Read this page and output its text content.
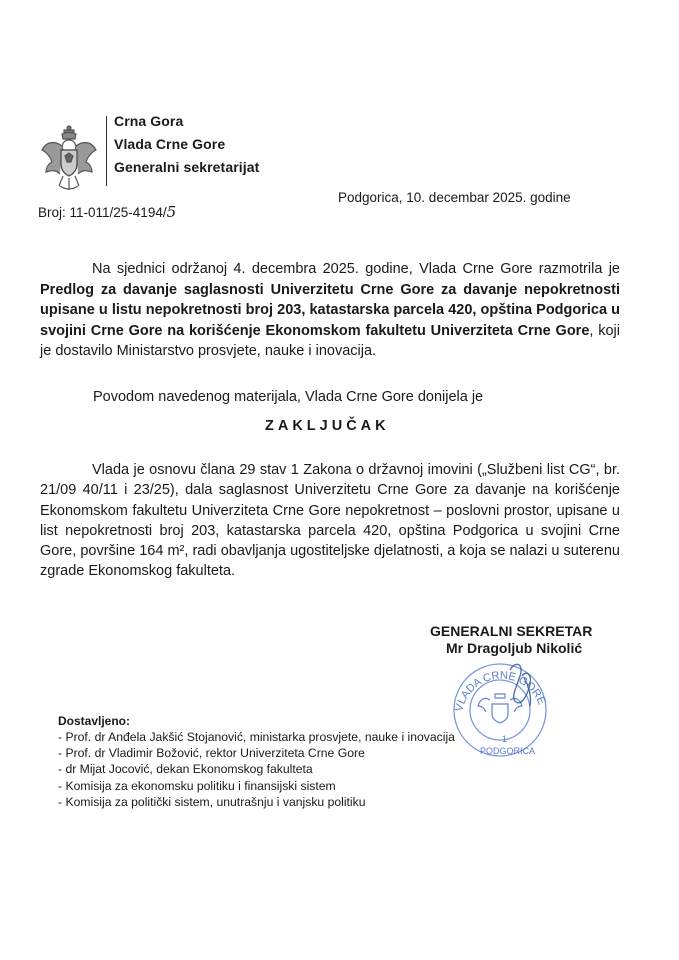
Crna Gora
Vlada Crne Gore
Generalni sekretarijat
Broj: 11-011/25-4194/5
Podgorica, 10. decembar 2025. godine

Na sjednici održanoj 4. decembra 2025. godine, Vlada Crne Gore razmotrila je Predlog za davanje saglasnosti Univerzitetu Crne Gore za davanje nepokretnosti upisane u listu nepokretnosti broj 203, katastarska parcela 420, opština Podgorica u svojini Crne Gore na korišćenje Ekonomskom fakultetu Univerziteta Crne Gore, koji je dostavilo Ministarstvo prosvjete, nauke i inovacija.

Povodom navedenog materijala, Vlada Crne Gore donijela je
ZAKLJUČAK

Vlada je osnovu člana 29 stav 1 Zakona o državnoj imovini („Službeni list CG“, br. 21/09 40/11 i 23/25), dala saglasnost Univerzitetu Crne Gore za davanje na korišćenje Ekonomskom fakultetu Univerziteta Crne Gore nepokretnost – poslovni prostor, upisane u list nepokretnosti broj 203, katastarska parcela 420, opština Podgorica u svojini Crne Gore, površine 164 m², radi obavljanja ugostiteljske djelatnosti, a koja se nalazi u suterenu zgrade Ekonomskog fakulteta.

GENERALNI SEKRETAR
Mr Dragoljub Nikolić
VLADA CRNE GORE
1
PODGORICA
Dostavljeno:
- Prof. dr Anđela Jakšić Stojanović, ministarka prosvjete, nauke i inovacija
- Prof. dr Vladimir Božović, rektor Univerziteta Crne Gore
- dr Mijat Jocović, dekan Ekonomskog fakulteta
- Komisija za ekonomsku politiku i finansijski sistem
- Komisija za politički sistem, unutrašnju i vanjsku politiku
